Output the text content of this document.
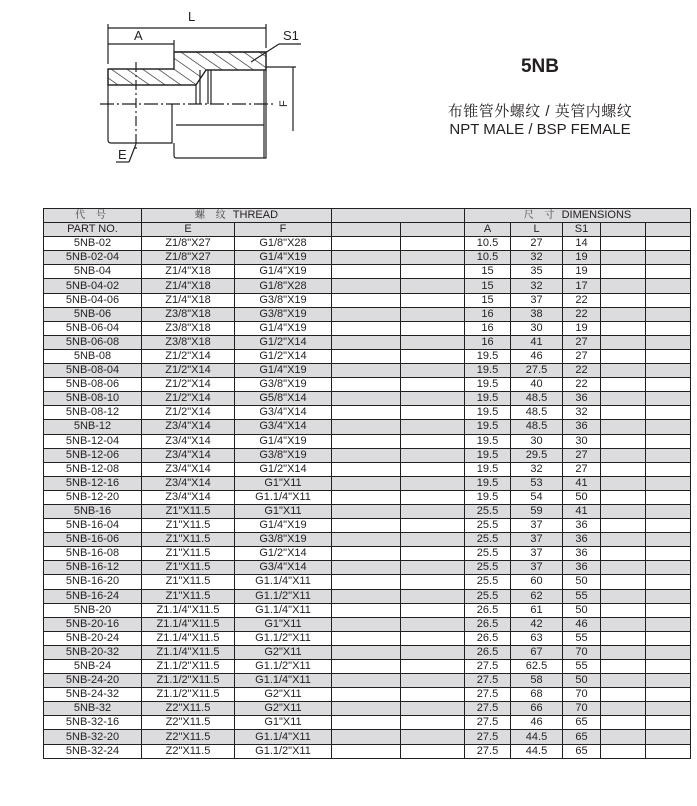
L
A	S1
E
F
5NB
布锥管外螺纹 / 英管内螺纹
NPT MALE / BSP FEMALE
代 号	螺 纹 THREAD				尺 寸 DIMENSIONS				
PART NO.	E	F			A	L	S1		
5NB-02	Z1/8"X27	G1/8"X28			10.5	27	14		
5NB-02-04	Z1/8"X27	G1/4"X19			10.5	32	19		
5NB-04	Z1/4"X18	G1/4"X19			15	35	19		
5NB-04-02	Z1/4"X18	G1/8"X28			15	32	17		
5NB-04-06	Z1/4"X18	G3/8"X19			15	37	22		
5NB-06	Z3/8"X18	G3/8"X19			16	38	22		
5NB-06-04	Z3/8"X18	G1/4"X19			16	30	19		
5NB-06-08	Z3/8"X18	G1/2"X14			16	41	27		
5NB-08	Z1/2"X14	G1/2"X14			19.5	46	27		
5NB-08-04	Z1/2"X14	G1/4"X19			19.5	27.5	22		
5NB-08-06	Z1/2"X14	G3/8"X19			19.5	40	22		
5NB-08-10	Z1/2"X14	G5/8"X14			19.5	48.5	36		
5NB-08-12	Z1/2"X14	G3/4"X14			19.5	48.5	32		
5NB-12	Z3/4"X14	G3/4"X14			19.5	48.5	36		
5NB-12-04	Z3/4"X14	G1/4"X19			19.5	30	30		
5NB-12-06	Z3/4"X14	G3/8"X19			19.5	29.5	27		
5NB-12-08	Z3/4"X14	G1/2"X14			19.5	32	27		
5NB-12-16	Z3/4"X14	G1"X11			19.5	53	41		
5NB-12-20	Z3/4"X14	G1.1/4"X11			19.5	54	50		
5NB-16	Z1"X11.5	G1"X11			25.5	59	41		
5NB-16-04	Z1"X11.5	G1/4"X19			25.5	37	36		
5NB-16-06	Z1"X11.5	G3/8"X19			25.5	37	36		
5NB-16-08	Z1"X11.5	G1/2"X14			25.5	37	36		
5NB-16-12	Z1"X11.5	G3/4"X14			25.5	37	36		
5NB-16-20	Z1"X11.5	G1.1/4"X11			25.5	60	50		
5NB-16-24	Z1"X11.5	G1.1/2"X11			25.5	62	55		
5NB-20	Z1.1/4"X11.5	G1.1/4"X11			26.5	61	50		
5NB-20-16	Z1.1/4"X11.5	G1"X11			26.5	42	46		
5NB-20-24	Z1.1/4"X11.5	G1.1/2"X11			26.5	63	55		
5NB-20-32	Z1.1/4"X11.5	G2"X11			26.5	67	70		
5NB-24	Z1.1/2"X11.5	G1.1/2"X11			27.5	62.5	55		
5NB-24-20	Z1.1/2"X11.5	G1.1/4"X11			27.5	58	50		
5NB-24-32	Z1.1/2"X11.5	G2"X11			27.5	68	70		
5NB-32	Z2"X11.5	G2"X11			27.5	66	70		
5NB-32-16	Z2"X11.5	G1"X11			27.5	46	65		
5NB-32-20	Z2"X11.5	G1.1/4"X11			27.5	44.5	65		
5NB-32-24	Z2"X11.5	G1.1/2"X11			27.5	44.5	65		
